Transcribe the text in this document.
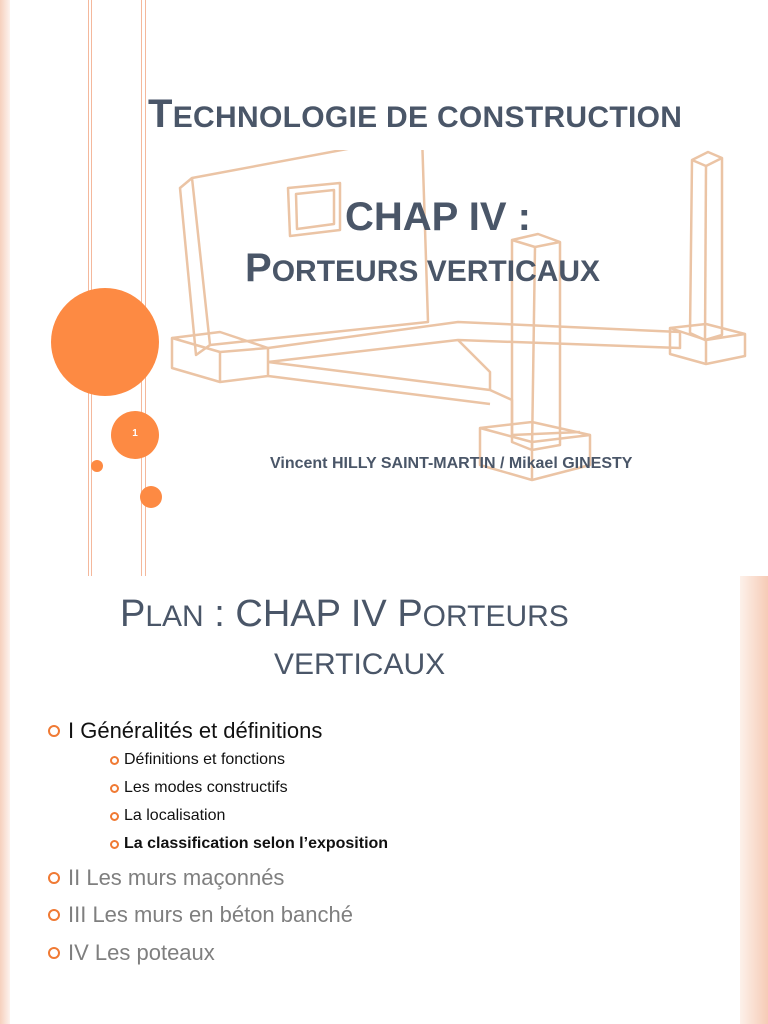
1
TECHNOLOGIE DE CONSTRUCTION
CHAP IV :
PORTEURS VERTICAUX
Vincent HILLY SAINT-MARTIN / Mikael GINESTY
PLAN : CHAP IV PORTEURS
VERTICAUX
I Généralités et définitions
Définitions et fonctions
Les modes constructifs
La localisation
La classification selon l’exposition
II Les murs maçonnés
III Les murs en béton banché
IV Les poteaux
